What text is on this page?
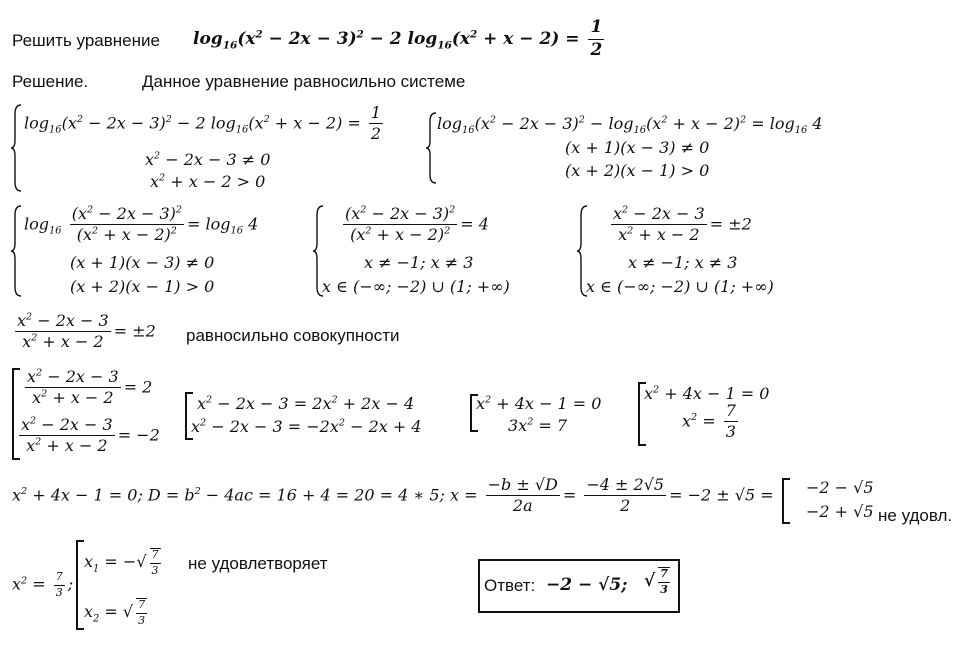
Решить уравнение $\log_{16}(x^2 - 2x - 3)^2 - 2$ $\log_{16}(x^2 + x - 2) = \frac{1}{2}$
Решение.	Данное уравнение равносильно системе
$\log_{16}(x^2 - 2x - 3)^2 - 2$ $\log_{16}(x^2 + x - 2) = \frac{1}{2}$
$x^2 - 2x - 3 \ne 0$
$x^2 + x - 2 > 0$
$\log_{16}(x^2 - 2x - 3)^2 - \log_{16}(x^2 + x - 2)^2 = \log_{16} 4$
(x + 1)(x − 3) ≠ 0
(x + 2)(x − 1) > 0
$\log_{16} \frac{(x^2 - 2x - 3)^2}{(x^2 + x - 2)^2} = \log_{16} 4$
(x + 1)(x − 3) ≠ 0
(x + 2)(x − 1) > 0
$\frac{(x^2 - 2x - 3)^2}{(x^2 + x - 2)^2} = 4$
x ≠ −1; x ≠ 3
x ∈ (−∞; −2) ∪ (1; +∞)
$\frac{x^2 - 2x - 3}{x^2 + x - 2} = \pm 2$
x ≠ −1; x ≠ 3
x ∈ (−∞; −2) ∪ (1; +∞)
$\frac{x^2 - 2x - 3}{x^2 + x - 2} = \pm 2$ равносильно совокупности
$\frac{x^2 - 2x - 3}{x^2 + x - 2} = 2$
$\frac{x^2 - 2x - 3}{x^2 + x - 2} = -2$
$x^2 - 2x - 3 = 2x^2 + 2x - 4$
$x^2 - 2x - 3 = -2x^2 - 2x + 4$
$x^2 + 4x - 1 = 0$
$3x^2 = 7$
$x^2 + 4x - 1 = 0$
$x^2 = \frac{7}{3}$
$x^2 + 4x - 1 = 0$; $D = b^2 - 4ac = 16 + 4 = 20 = 4$ ∗ 5; $x = \frac{-b \pm √D}{2a} = \frac{-4 \pm 2√5}{2} = -2 \pm √5 = -2 - √5$
−2 + √5 не удовл.
$x^2 = \frac{7}{3}$ ;
$x_1$ = −√ $\frac{7}{3}$
$x_2$ = √ $\frac{7}{3}$
не удовлетворяет
Ответ: −2 − √5; √ $\frac{7}{3}$
